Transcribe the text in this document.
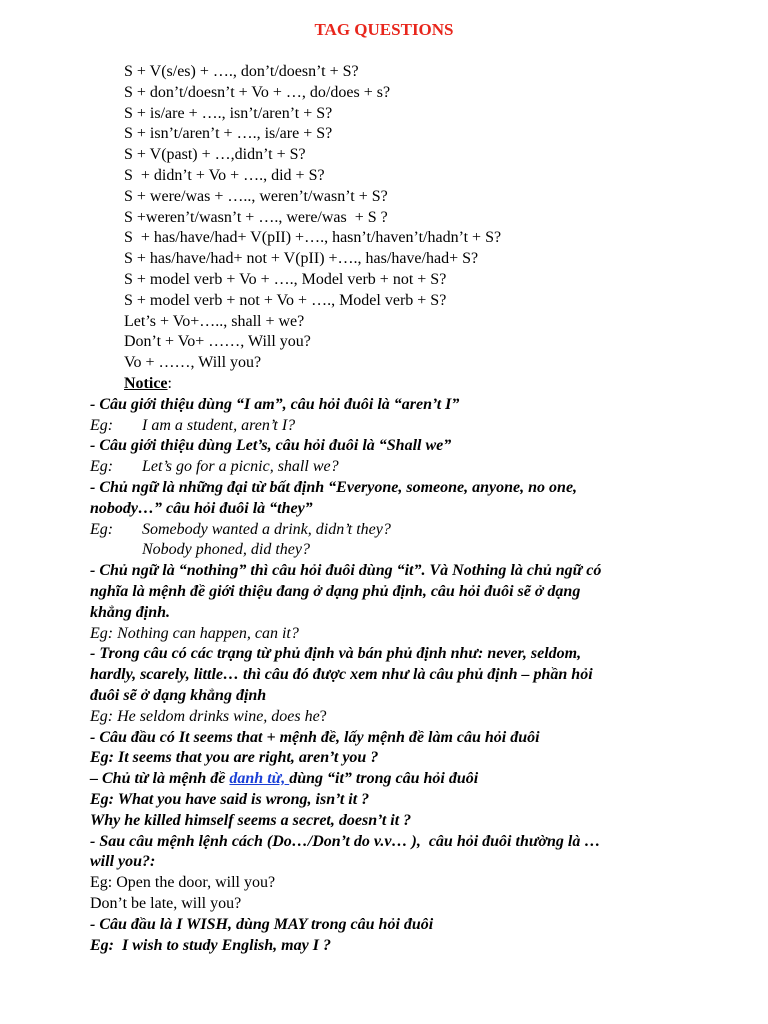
TAG QUESTIONS
S + V(s/es) + …., don’t/doesn’t + S?
S + don’t/doesn’t + Vo + …, do/does + s?
S + is/are + …., isn’t/aren’t + S?
S + isn’t/aren’t + …., is/are + S?
S + V(past) + …,didn’t + S?
S  + didn’t + Vo + …., did + S?
S + were/was + ….., weren’t/wasn’t + S?
S +weren’t/wasn’t + …., were/was  + S ?
S  + has/have/had+ V(pII) +…., hasn’t/haven’t/hadn’t + S?
S + has/have/had+ not + V(pII) +…., has/have/had+ S?
S + model verb + Vo + …., Model verb + not + S?
S + model verb + not + Vo + …., Model verb + S?
Let’s + Vo+….., shall + we?
Don’t + Vo+ ……, Will you?
Vo + ……, Will you?
Notice:

- Câu giới thiệu dùng “I am”, câu hỏi đuôi là “aren’t I”

Eg: I am a student, aren’t I?

- Câu giới thiệu dùng Let’s, câu hỏi đuôi là “Shall we”

Eg: Let’s go for a picnic, shall we?

- Chủ ngữ là những đại từ bất định “Everyone, someone, anyone, no one,

nobody…” câu hỏi đuôi là “they”

Eg: Somebody wanted a drink, didn’t they?

Nobody phoned, did they?

- Chủ ngữ là “nothing” thì câu hỏi đuôi dùng “it”. Và Nothing là chủ ngữ có

nghĩa là mệnh đề giới thiệu đang ở dạng phủ định, câu hỏi đuôi sẽ ở dạng

khẳng định.

Eg: Nothing can happen, can it?

- Trong câu có các trạng từ phủ định và bán phủ định như: never, seldom,

hardly, scarely, little… thì câu đó được xem như là câu phủ định – phần hỏi

đuôi sẽ ở dạng khẳng định

Eg: He seldom drinks wine, does he?

- Câu đầu có It seems that + mệnh đề, lấy mệnh đề làm câu hỏi đuôi

Eg: It seems that you are right, aren’t you ?

– Chủ từ là mệnh đề danh từ, dùng “it” trong câu hỏi đuôi

Eg: What you have said is wrong, isn’t it ?

Why he killed himself seems a secret, doesn’t it ?

- Sau câu mệnh lệnh cách (Do…/Don’t do v.v… ),  câu hỏi đuôi thường là …

will you?:

Eg: Open the door, will you?

Don’t be late, will you?

- Câu đầu là I WISH, dùng MAY trong câu hỏi đuôi

Eg:  I wish to study English, may I ?
